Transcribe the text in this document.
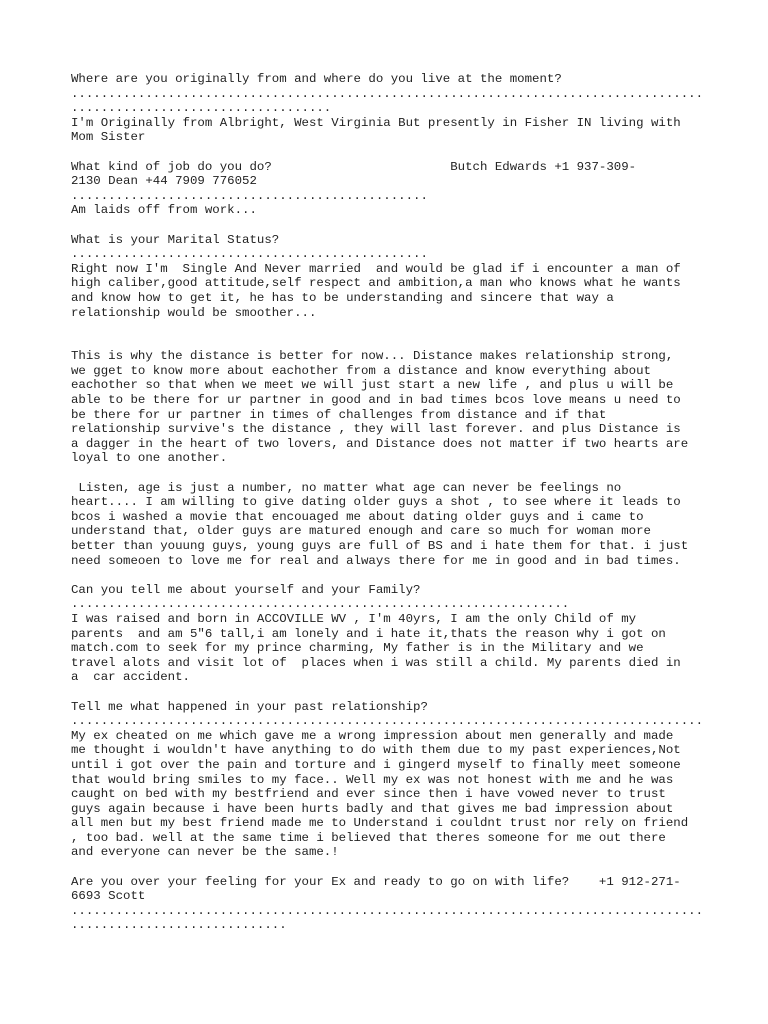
Where are you originally from and where do you live at the moment?

.....................................................................................

...................................

I'm Originally from Albright, West Virginia But presently in Fisher IN living with

Mom Sister

What kind of job do you do?                        Butch Edwards +1 937-309-

2130 Dean +44 7909 776052

................................................

Am laids off from work...

What is your Marital Status?

................................................

Right now I'm  Single And Never married  and would be glad if i encounter a man of

high caliber,good attitude,self respect and ambition,a man who knows what he wants

and know how to get it, he has to be understanding and sincere that way a

relationship would be smoother...

This is why the distance is better for now... Distance makes relationship strong,

we gget to know more about eachother from a distance and know everything about

eachother so that when we meet we will just start a new life , and plus u will be

able to be there for ur partner in good and in bad times bcos love means u need to

be there for ur partner in times of challenges from distance and if that

relationship survive's the distance , they will last forever. and plus Distance is

a dagger in the heart of two lovers, and Distance does not matter if two hearts are

loyal to one another.

Listen, age is just a number, no matter what age can never be feelings no

heart.... I am willing to give dating older guys a shot , to see where it leads to

bcos i washed a movie that encouaged me about dating older guys and i came to

understand that, older guys are matured enough and care so much for woman more

better than youung guys, young guys are full of BS and i hate them for that. i just

need someoen to love me for real and always there for me in good and in bad times.

Can you tell me about yourself and your Family?

...................................................................

I was raised and born in ACCOVILLE WV , I'm 40yrs, I am the only Child of my

parents  and am 5"6 tall,i am lonely and i hate it,thats the reason why i got on

match.com to seek for my prince charming, My father is in the Military and we

travel alots and visit lot of  places when i was still a child. My parents died in

a  car accident.

Tell me what happened in your past relationship?

.....................................................................................

My ex cheated on me which gave me a wrong impression about men generally and made

me thought i wouldn't have anything to do with them due to my past experiences,Not

until i got over the pain and torture and i gingerd myself to finally meet someone

that would bring smiles to my face.. Well my ex was not honest with me and he was

caught on bed with my bestfriend and ever since then i have vowed never to trust

guys again because i have been hurts badly and that gives me bad impression about

all men but my best friend made me to Understand i couldnt trust nor rely on friend

, too bad. well at the same time i believed that theres someone for me out there

and everyone can never be the same.!

Are you over your feeling for your Ex and ready to go on with life?    +1 912-271-

6693 Scott

.....................................................................................

.............................
